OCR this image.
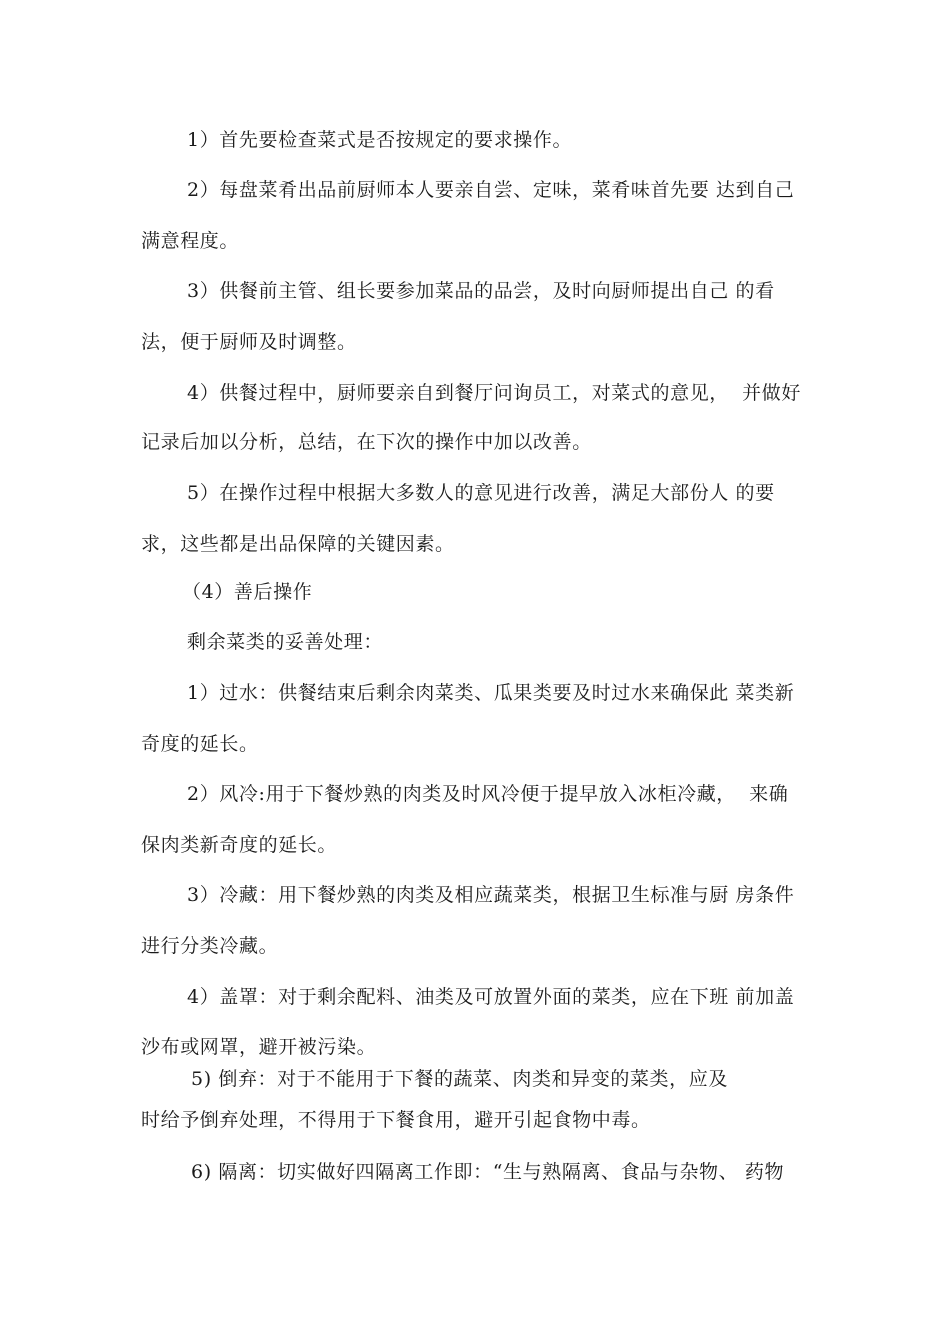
1）首先要检查菜式是否按规定的要求操作。
2）每盘菜肴出品前厨师本人要亲自尝、定味，菜肴味首先要 达到自己
满意程度。
3）供餐前主管、组长要参加菜品的品尝，及时向厨师提出自己 的看
法，便于厨师及时调整。
4）供餐过程中，厨师要亲自到餐厅问询员工，对菜式的意见，  并做好
记录后加以分析，总结，在下次的操作中加以改善。
5）在操作过程中根据大多数人的意见进行改善，满足大部份人 的要
求，这些都是出品保障的关键因素。
（4）善后操作
剩余菜类的妥善处理：
1）过水：供餐结束后剩余肉菜类、瓜果类要及时过水来确保此 菜类新
奇度的延长。
2）风冷:用于下餐炒熟的肉类及时风冷便于提早放入冰柜冷藏，  来确
保肉类新奇度的延长。
3）冷藏：用下餐炒熟的肉类及相应蔬菜类，根据卫生标准与厨 房条件
进行分类冷藏。
4）盖罩：对于剩余配料、油类及可放置外面的菜类，应在下班 前加盖
沙布或网罩，避开被污染。
5) 倒弃：对于不能用于下餐的蔬菜、肉类和异变的菜类，应及
时给予倒弃处理，不得用于下餐食用，避开引起食物中毒。
6) 隔离：切实做好四隔离工作即：“生与熟隔离、食品与杂物、 药物
